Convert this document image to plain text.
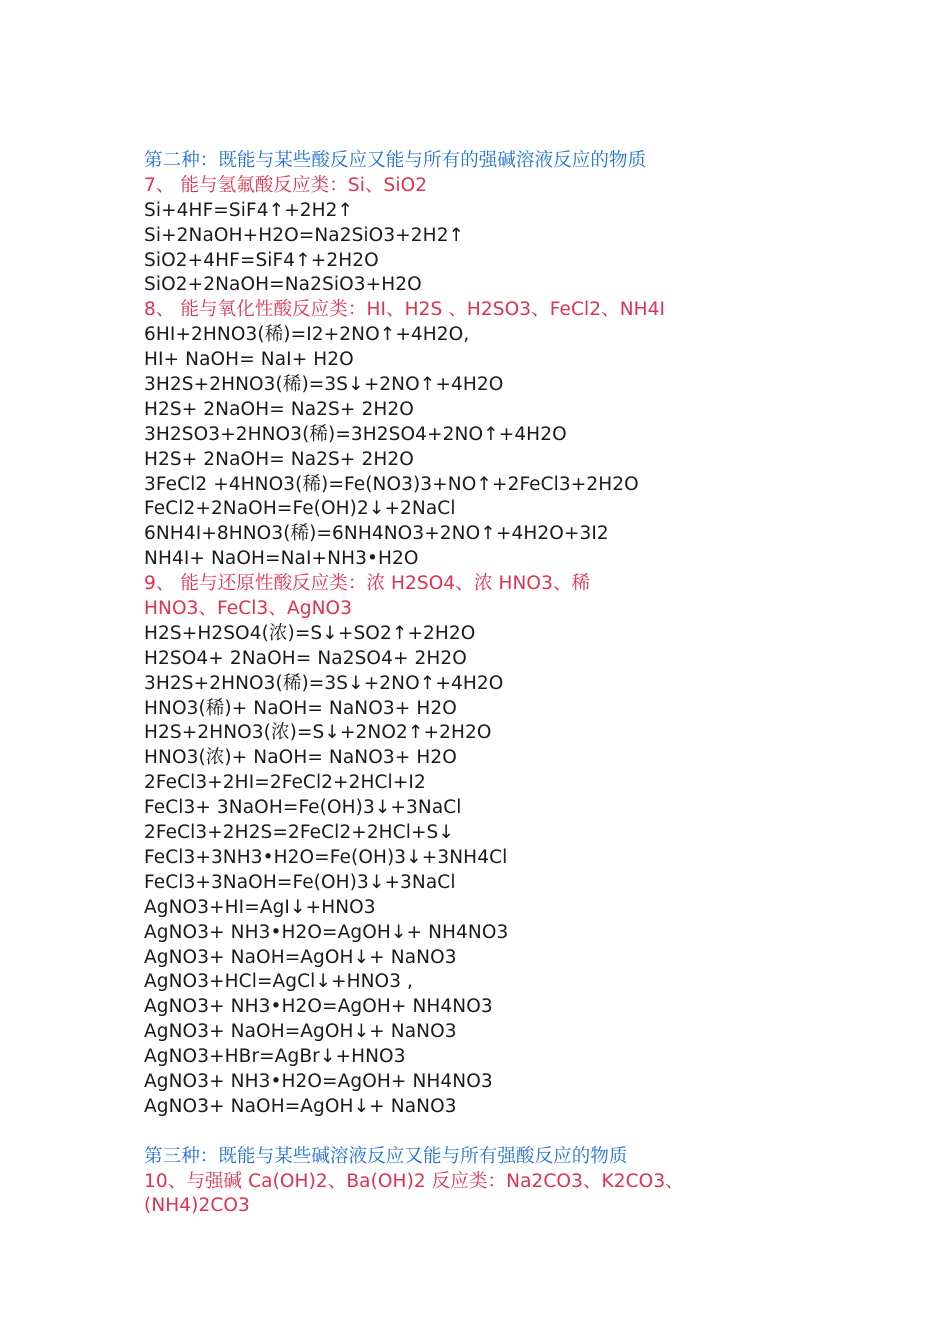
第二种：既能与某些酸反应又能与所有的强碱溶液反应的物质
7、 能与氢氟酸反应类：Si、SiO2
Si+4HF=SiF4↑+2H2↑
Si+2NaOH+H2O=Na2SiO3+2H2↑
SiO2+4HF=SiF4↑+2H2O
SiO2+2NaOH=Na2SiO3+H2O
8、 能与氧化性酸反应类：HI、H2S 、H2SO3、FeCl2、NH4I
6HI+2HNO3(稀)=I2+2NO↑+4H2O,
HI+ NaOH= NaI+ H2O
3H2S+2HNO3(稀)=3S↓+2NO↑+4H2O
H2S+ 2NaOH= Na2S+ 2H2O
3H2SO3+2HNO3(稀)=3H2SO4+2NO↑+4H2O
H2S+ 2NaOH= Na2S+ 2H2O
3FeCl2 +4HNO3(稀)=Fe(NO3)3+NO↑+2FeCl3+2H2O
FeCl2+2NaOH=Fe(OH)2↓+2NaCl
6NH4I+8HNO3(稀)=6NH4NO3+2NO↑+4H2O+3I2
NH4I+ NaOH=NaI+NH3•H2O
9、 能与还原性酸反应类：浓 H2SO4、浓 HNO3、稀
HNO3、FeCl3、AgNO3
H2S+H2SO4(浓)=S↓+SO2↑+2H2O
H2SO4+ 2NaOH= Na2SO4+ 2H2O
3H2S+2HNO3(稀)=3S↓+2NO↑+4H2O
HNO3(稀)+ NaOH= NaNO3+ H2O
H2S+2HNO3(浓)=S↓+2NO2↑+2H2O
HNO3(浓)+ NaOH= NaNO3+ H2O
2FeCl3+2HI=2FeCl2+2HCl+I2
FeCl3+ 3NaOH=Fe(OH)3↓+3NaCl
2FeCl3+2H2S=2FeCl2+2HCl+S↓
FeCl3+3NH3•H2O=Fe(OH)3↓+3NH4Cl
FeCl3+3NaOH=Fe(OH)3↓+3NaCl
AgNO3+HI=AgI↓+HNO3
AgNO3+ NH3•H2O=AgOH↓+ NH4NO3
AgNO3+ NaOH=AgOH↓+ NaNO3
AgNO3+HCl=AgCl↓+HNO3 ,
AgNO3+ NH3•H2O=AgOH+ NH4NO3
AgNO3+ NaOH=AgOH↓+ NaNO3
AgNO3+HBr=AgBr↓+HNO3
AgNO3+ NH3•H2O=AgOH+ NH4NO3
AgNO3+ NaOH=AgOH↓+ NaNO3
第三种：既能与某些碱溶液反应又能与所有强酸反应的物质
10、与强碱 Ca(OH)2、Ba(OH)2 反应类：Na2CO3、K2CO3、
(NH4)2CO3
